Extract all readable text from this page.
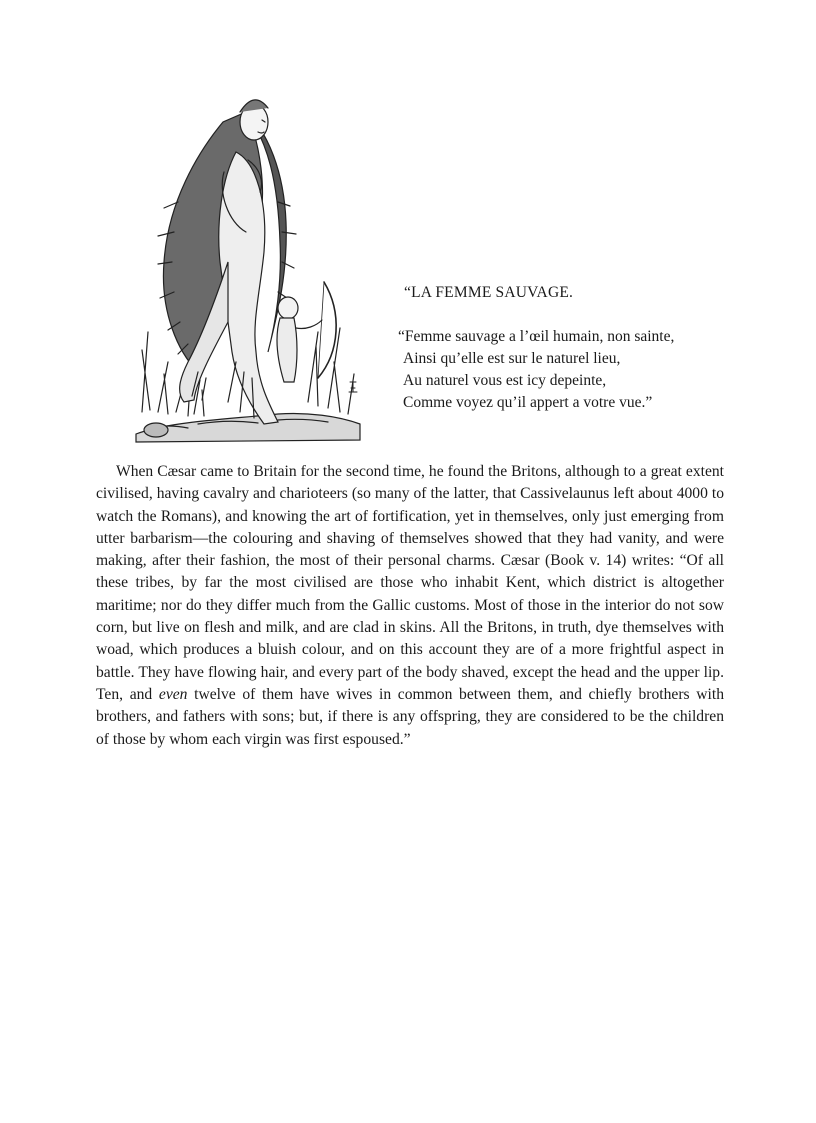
“LA FEMME SAUVAGE.

“Femme sauvage a l’œil humain, non sainte,

Ainsi qu’elle est sur le naturel lieu,

Au naturel vous est icy depeinte,

Comme voyez qu’il appert a votre vue.”

When Cæsar came to Britain for the second time, he found the Britons, although to a great extent civilised, having cavalry and charioteers (so many of the latter, that Cassivelaunus left about 4000 to watch the Romans), and knowing the art of fortification, yet in themselves, only just emerging from utter barbarism—the colouring and shaving of themselves showed that they had vanity, and were making, after their fashion, the most of their personal charms. Cæsar (Book v. 14) writes: “Of all these tribes, by far the most civilised are those who inhabit Kent, which district is altogether maritime; nor do they differ much from the Gallic customs. Most of those in the interior do not sow corn, but live on flesh and milk, and are clad in skins. All the Britons, in truth, dye themselves with woad, which produces a bluish colour, and on this account they are of a more frightful aspect in battle. They have flowing hair, and every part of the body shaved, except the head and the upper lip. Ten, and even twelve of them have wives in common between them, and chiefly brothers with brothers, and fathers with sons; but, if there is any offspring, they are considered to be the children of those by whom each virgin was first espoused.”
